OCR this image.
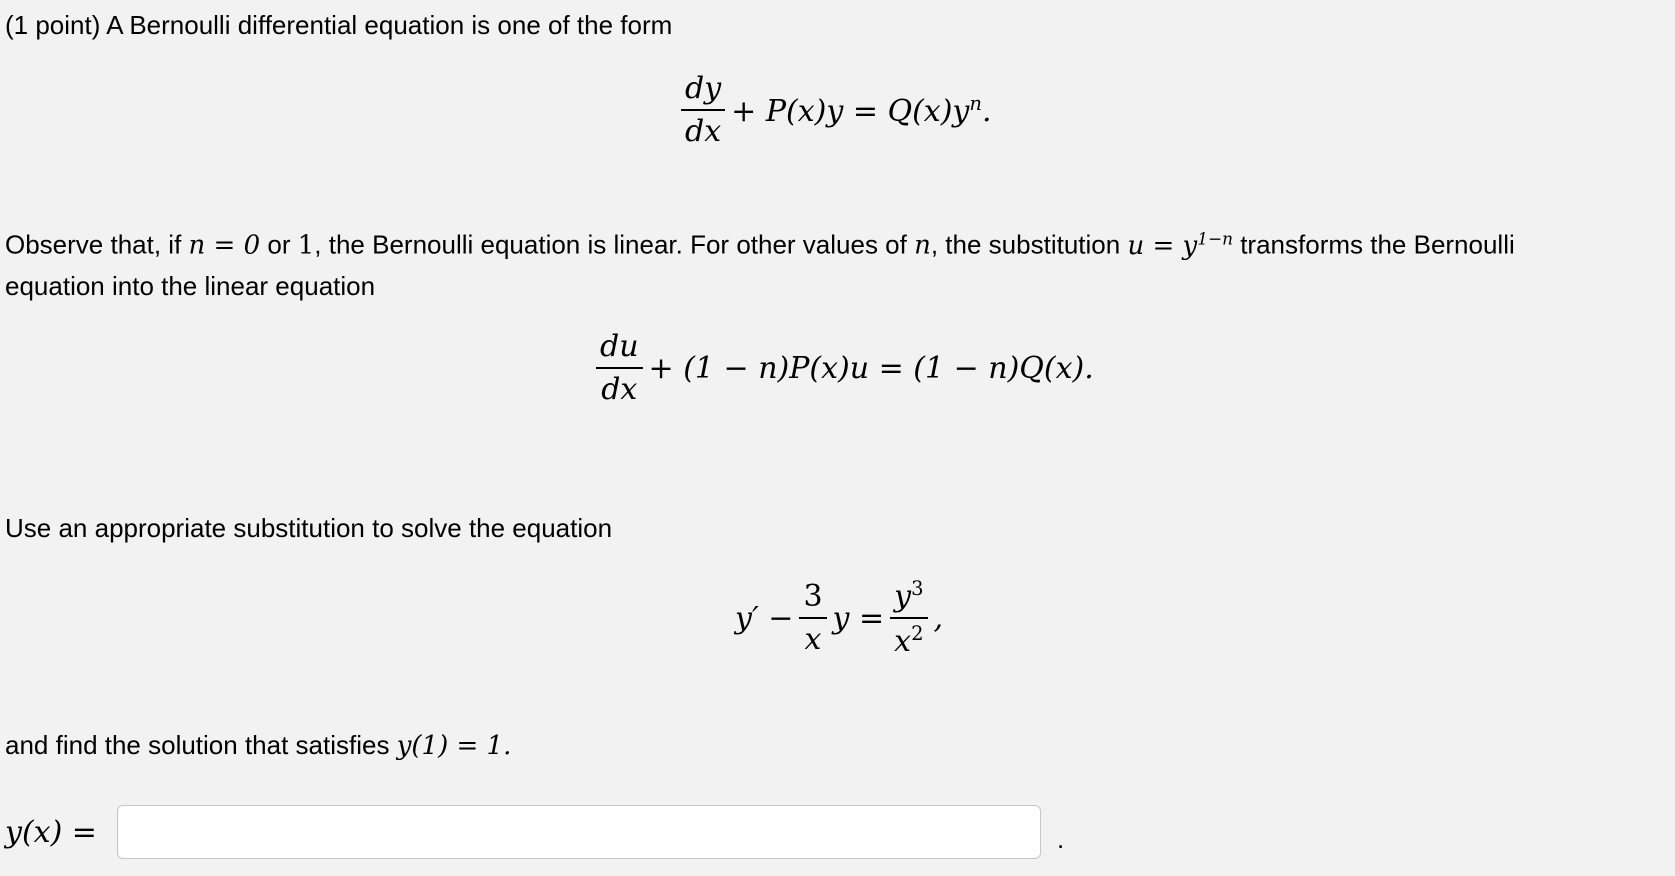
(1 point) A Bernoulli differential equation is one of the form
$\frac{dy}{dx} + P(x)y = Q(x)y^n$.
Observe that, if n = 0 or 1, the Bernoulli equation is linear. For other values of n, the substitution $u = y^{1-n}$ transforms the Bernoulli
equation into the linear equation
$\frac{du}{dx} + (1 - n)P(x)u = (1 - n)Q(x)$.
Use an appropriate substitution to solve the equation
$y' - \frac{3}{x}$ $y = \frac{y^3}{x^2}$ ,
and find the solution that satisfies y(1) = 1.
y(x) =	.
